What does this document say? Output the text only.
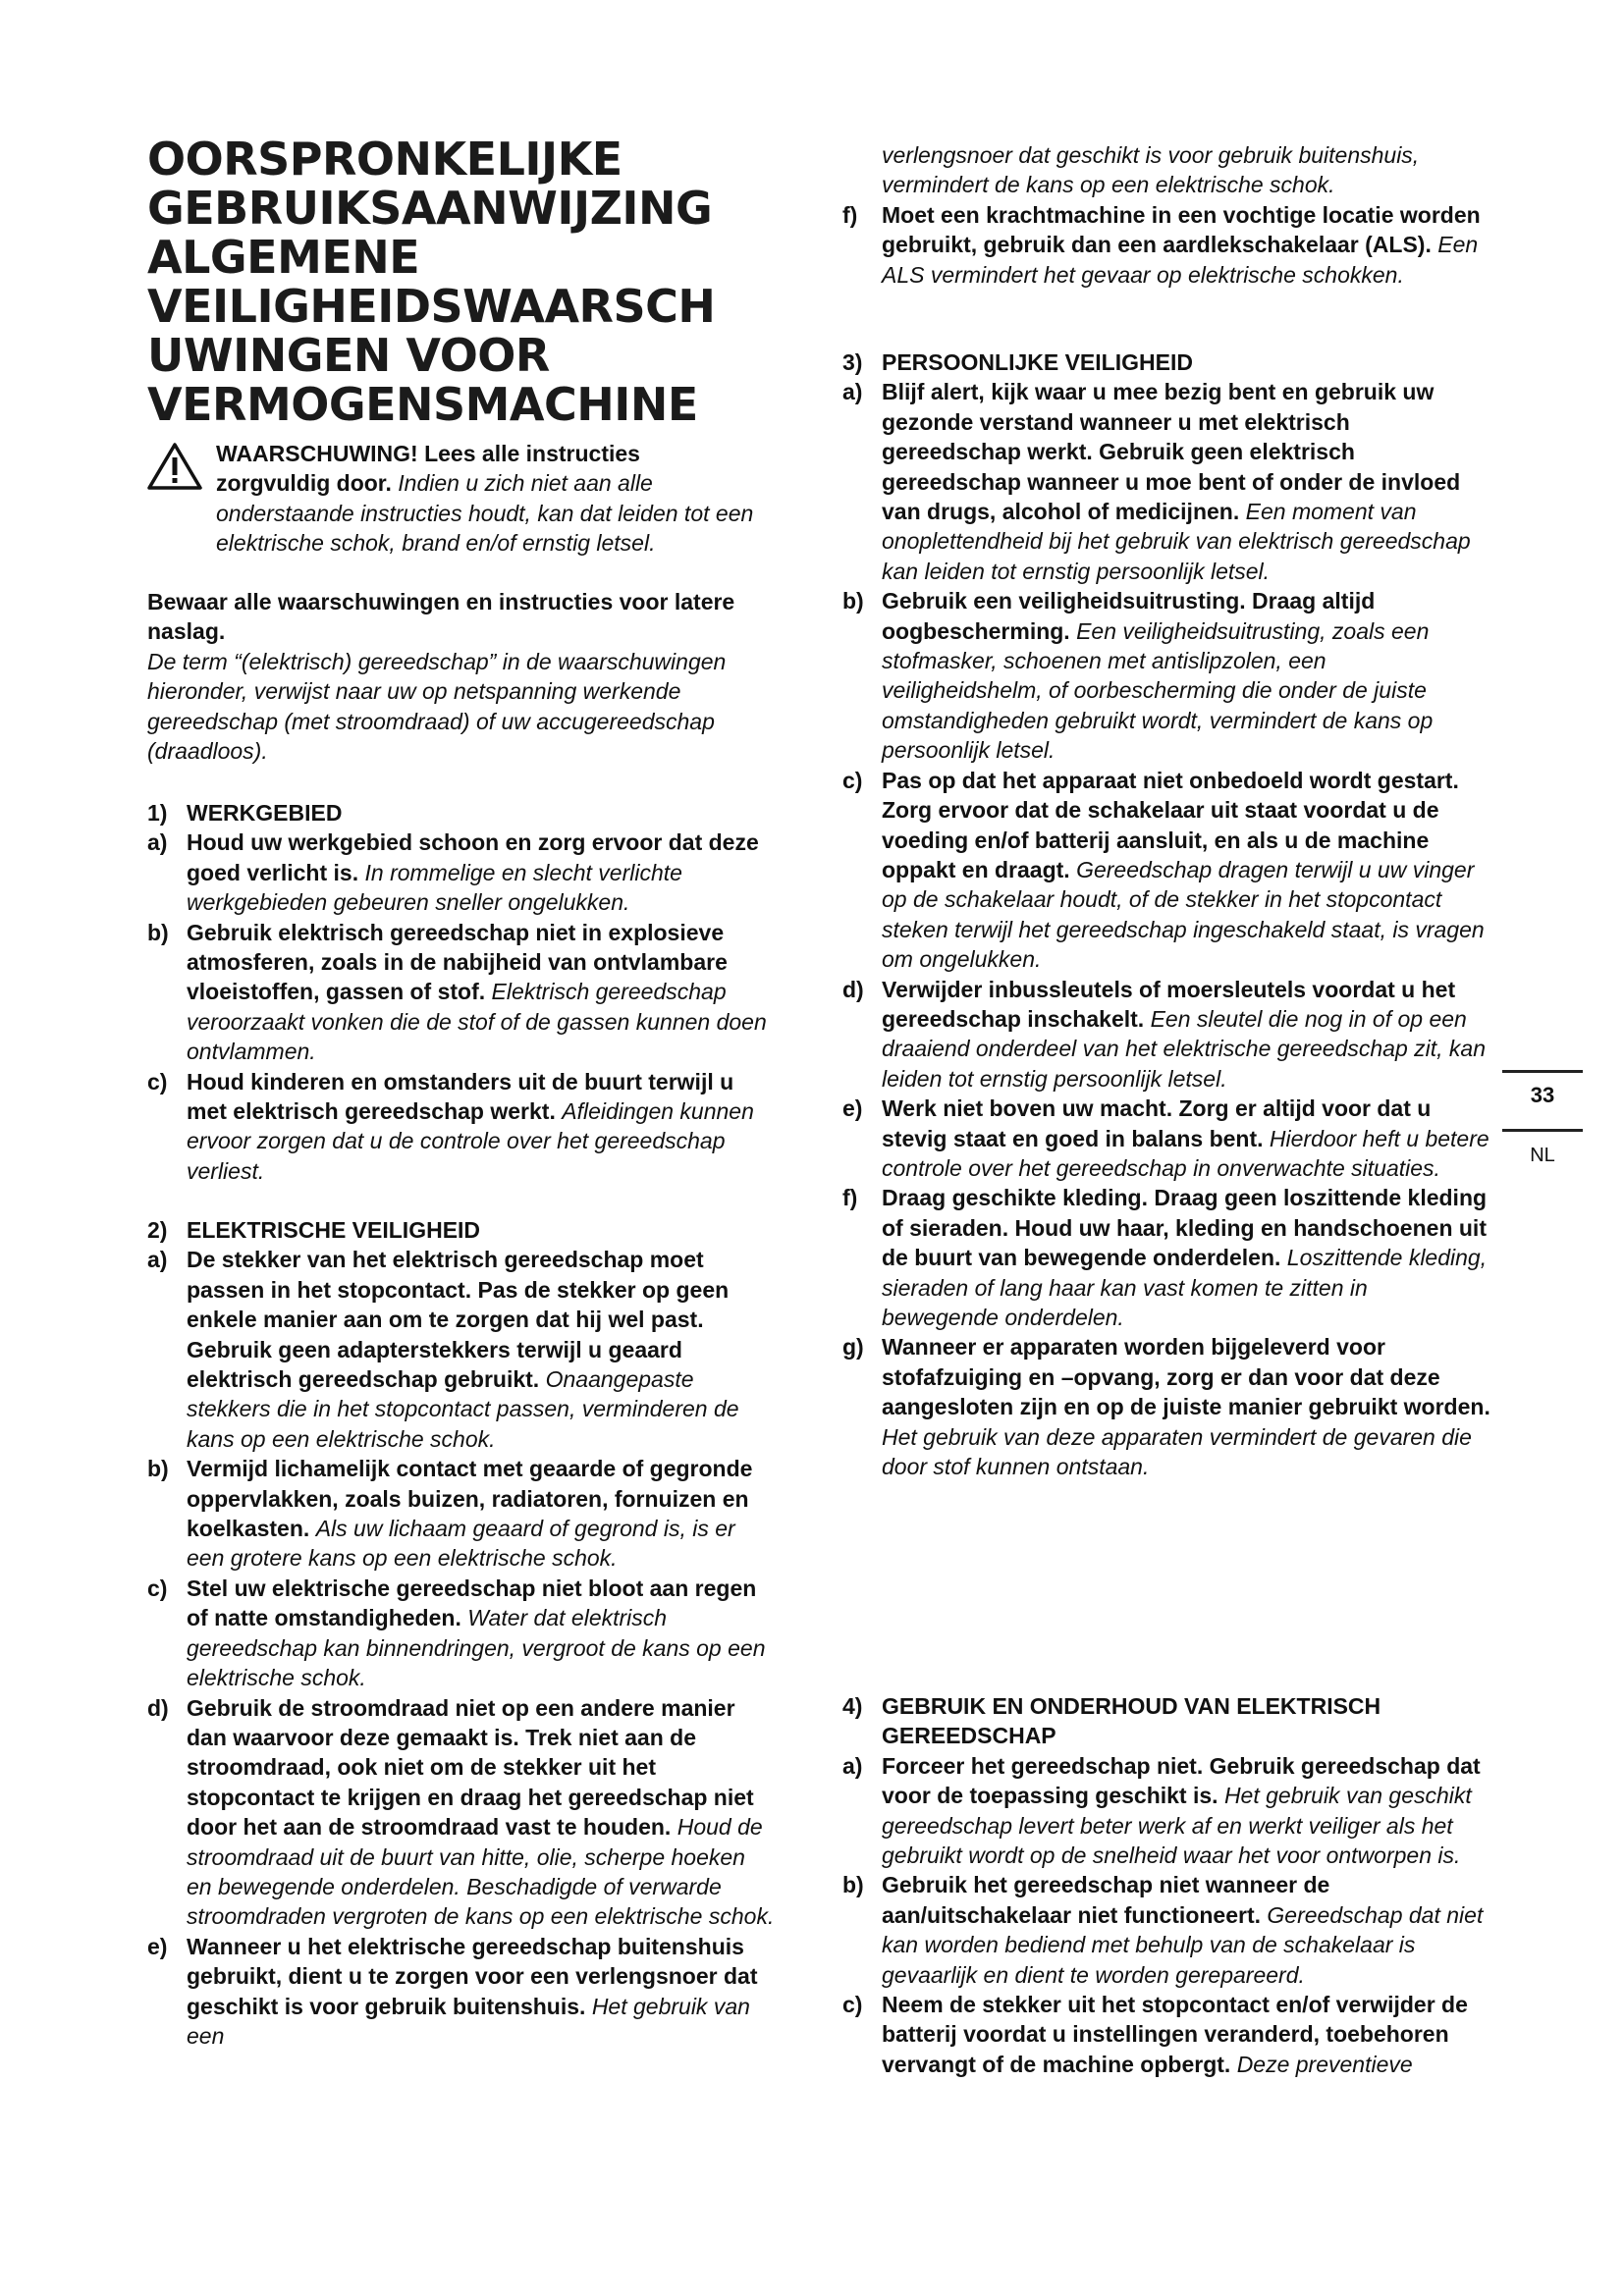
OORSPRONKELIJKE
GEBRUIKSAANWIJZING
ALGEMENE
VEILIGHEIDSWAARSCH
UWINGEN VOOR
VERMOGENSMACHINE
WAARSCHUWING! Lees alle instructies
zorgvuldig door. Indien u zich niet aan alle onderstaande instructies houdt, kan dat leiden tot een elektrische schok, brand en/of ernstig letsel.
Bewaar alle waarschuwingen en instructies voor latere naslag.
De term “(elektrisch) gereedschap” in de waarschuwingen hieronder, verwijst naar uw op netspanning werkende gereedschap (met stroomdraad) of uw accugereedschap (draadloos).
1) WERKGEBIED
a) Houd uw werkgebied schoon en zorg ervoor dat deze goed verlicht is. In rommelige en slecht verlichte werkgebieden gebeuren sneller ongelukken.
b) Gebruik elektrisch gereedschap niet in explosieve atmosferen, zoals in de nabijheid van ontvlambare vloeistoffen, gassen of stof. Elektrisch gereedschap veroorzaakt vonken die de stof of de gassen kunnen doen ontvlammen.
c) Houd kinderen en omstanders uit de buurt terwijl u met elektrisch gereedschap werkt. Afleidingen kunnen ervoor zorgen dat u de controle over het gereedschap verliest.
2) ELEKTRISCHE VEILIGHEID
a) De stekker van het elektrisch gereedschap moet passen in het stopcontact. Pas de stekker op geen enkele manier aan om te zorgen dat hij wel past. Gebruik geen adapterstekkers terwijl u geaard elektrisch gereedschap gebruikt. Onaangepaste stekkers die in het stopcontact passen, verminderen de kans op een elektrische schok.
b) Vermijd lichamelijk contact met geaarde of gegronde oppervlakken, zoals buizen, radiatoren, fornuizen en koelkasten. Als uw lichaam geaard of gegrond is, is er een grotere kans op een elektrische schok.
c) Stel uw elektrische gereedschap niet bloot aan regen of natte omstandigheden. Water dat elektrisch gereedschap kan binnendringen, vergroot de kans op een elektrische schok.
d) Gebruik de stroomdraad niet op een andere manier dan waarvoor deze gemaakt is. Trek niet aan de stroomdraad, ook niet om de stekker uit het stopcontact te krijgen en draag het gereedschap niet door het aan de stroomdraad vast te houden. Houd de stroomdraad uit de buurt van hitte, olie, scherpe hoeken en bewegende onderdelen. Beschadigde of verwarde stroomdraden vergroten de kans op een elektrische schok.
e) Wanneer u het elektrische gereedschap buitenshuis gebruikt, dient u te zorgen voor een verlengsnoer dat geschikt is voor gebruik buitenshuis. Het gebruik van een
verlengsnoer dat geschikt is voor gebruik buitenshuis, vermindert de kans op een elektrische schok.
f) Moet een krachtmachine in een vochtige locatie worden gebruikt, gebruik dan een aardlekschakelaar (ALS). Een ALS vermindert het gevaar op elektrische schokken.
3) PERSOONLIJKE VEILIGHEID
a) Blijf alert, kijk waar u mee bezig bent en gebruik uw gezonde verstand wanneer u met elektrisch gereedschap werkt. Gebruik geen elektrisch gereedschap wanneer u moe bent of onder de invloed van drugs, alcohol of medicijnen. Een moment van onoplettendheid bij het gebruik van elektrisch gereedschap kan leiden tot ernstig persoonlijk letsel.
b) Gebruik een veiligheidsuitrusting. Draag altijd oogbescherming. Een veiligheidsuitrusting, zoals een stofmasker, schoenen met antislipzolen, een veiligheidshelm, of oorbescherming die onder de juiste omstandigheden gebruikt wordt, vermindert de kans op persoonlijk letsel.
c) Pas op dat het apparaat niet onbedoeld wordt gestart. Zorg ervoor dat de schakelaar uit staat voordat u de voeding en/of batterij aansluit, en als u de machine oppakt en draagt. Gereedschap dragen terwijl u uw vinger op de schakelaar houdt, of de stekker in het stopcontact steken terwijl het gereedschap ingeschakeld staat, is vragen om ongelukken.
d) Verwijder inbussleutels of moersleutels voordat u het gereedschap inschakelt. Een sleutel die nog in of op een draaiend onderdeel van het elektrische gereedschap zit, kan leiden tot ernstig persoonlijk letsel.
e) Werk niet boven uw macht. Zorg er altijd voor dat u stevig staat en goed in balans bent. Hierdoor heft u betere controle over het gereedschap in onverwachte situaties.
f) Draag geschikte kleding. Draag geen loszittende kleding of sieraden. Houd uw haar, kleding en handschoenen uit de buurt van bewegende onderdelen. Loszittende kleding, sieraden of lang haar kan vast komen te zitten in bewegende onderdelen.
g) Wanneer er apparaten worden bijgeleverd voor stofafzuiging en –opvang, zorg er dan voor dat deze aangesloten zijn en op de juiste manier gebruikt worden. Het gebruik van deze apparaten vermindert de gevaren die door stof kunnen ontstaan.
4) GEBRUIK EN ONDERHOUD VAN ELEKTRISCH GEREEDSCHAP
a) Forceer het gereedschap niet. Gebruik gereedschap dat voor de toepassing geschikt is. Het gebruik van geschikt gereedschap levert beter werk af en werkt veiliger als het gebruikt wordt op de snelheid waar het voor ontworpen is.
b) Gebruik het gereedschap niet wanneer de aan/uitschakelaar niet functioneert. Gereedschap dat niet kan worden bediend met behulp van de schakelaar is gevaarlijk en dient te worden gerepareerd.
c) Neem de stekker uit het stopcontact en/of verwijder de batterij voordat u instellingen veranderd, toebehoren vervangt of de machine opbergt. Deze preventieve
33
NL
